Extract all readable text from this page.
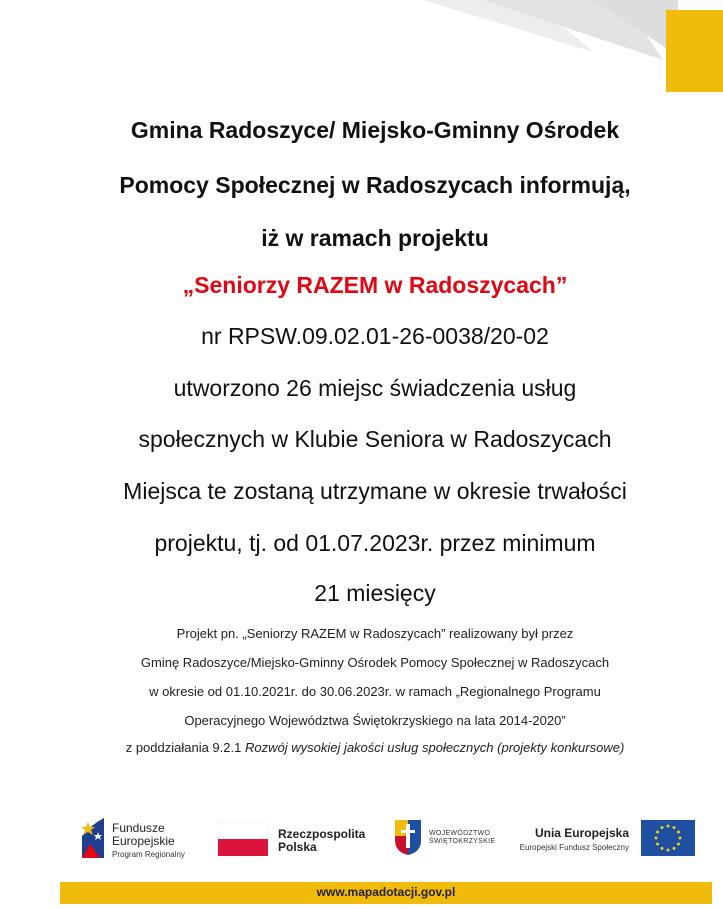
Gmina Radoszyce/ Miejsko-Gminny Ośrodek
Pomocy Społecznej w Radoszycach informują,
iż w ramach projektu
„Seniorzy RAZEM w Radoszycach”
nr RPSW.09.02.01-26-0038/20-02
utworzono 26 miejsc świadczenia usług
społecznych w Klubie Seniora w Radoszycach
Miejsca te zostaną utrzymane w okresie trwałości
projektu, tj. od 01.07.2023r. przez minimum
21 miesięcy
Projekt pn. „Seniorzy RAZEM w Radoszycach” realizowany był przez
Gminę Radoszyce/Miejsko-Gminny Ośrodek Pomocy Społecznej w Radoszycach
w okresie od 01.10.2021r. do 30.06.2023r. w ramach „Regionalnego Programu
Operacyjnego Województwa Świętokrzyskiego na lata 2014-2020”
z poddziałania 9.2.1 Rozwój wysokiej jakości usług społecznych (projekty konkursowe)
Fundusze
Europejskie
Program Regionalny
Rzeczpospolita
Polska
WOJEWÓDZTWO
ŚWIĘTOKRZYSKIE
Unia Europejska
Europejski Fundusz Społeczny
www.mapadotacji.gov.pl
